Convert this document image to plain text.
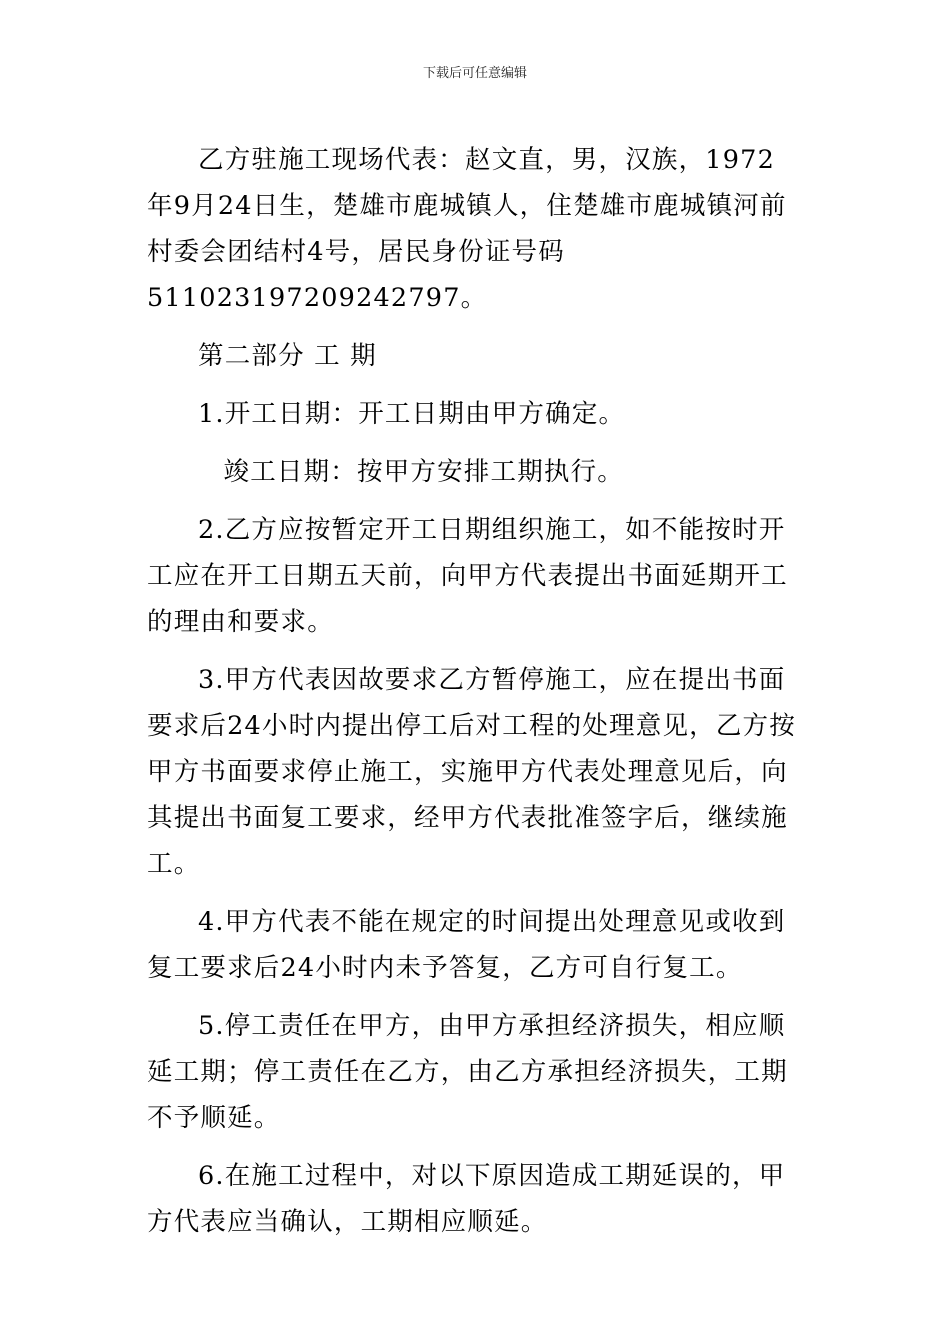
下载后可任意编辑

乙方驻施工现场代表：赵文直，男，汉族，1972年9月24日生，楚雄市鹿城镇人，住楚雄市鹿城镇河前村委会团结村4号，居民身份证号码511023197209242797。

第二部分 工 期

1.开工日期：开工日期由甲方确定。

竣工日期：按甲方安排工期执行。

2.乙方应按暂定开工日期组织施工，如不能按时开工应在开工日期五天前，向甲方代表提出书面延期开工的理由和要求。

3.甲方代表因故要求乙方暂停施工，应在提出书面要求后24小时内提出停工后对工程的处理意见，乙方按甲方书面要求停止施工，实施甲方代表处理意见后，向其提出书面复工要求，经甲方代表批准签字后，继续施工。

4.甲方代表不能在规定的时间提出处理意见或收到复工要求后24小时内未予答复，乙方可自行复工。

5.停工责任在甲方，由甲方承担经济损失，相应顺延工期；停工责任在乙方，由乙方承担经济损失，工期不予顺延。

6.在施工过程中，对以下原因造成工期延误的，甲方代表应当确认，工期相应顺延。
